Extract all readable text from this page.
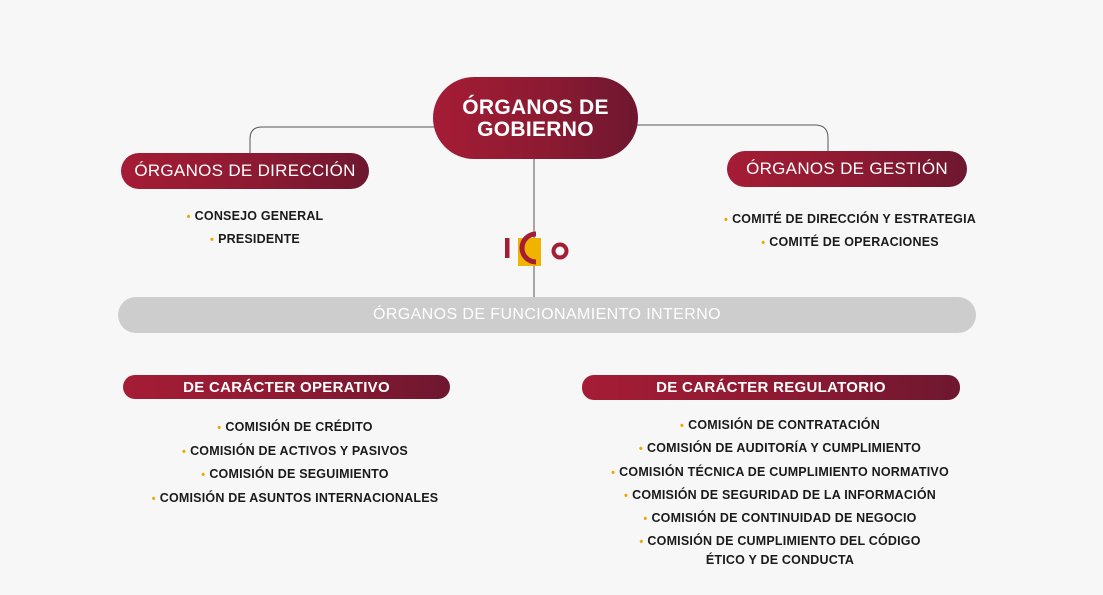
ÓRGANOS DE
GOBIERNO
ÓRGANOS DE DIRECCIÓN
• CONSEJO GENERAL
• PRESIDENTE
ÓRGANOS DE GESTIÓN
• COMITÉ DE DIRECCIÓN Y ESTRATEGIA
• COMITÉ DE OPERACIONES
ÓRGANOS DE FUNCIONAMIENTO INTERNO
DE CARÁCTER OPERATIVO
• COMISIÓN DE CRÉDITO
• COMISIÓN DE ACTIVOS Y PASIVOS
• COMISIÓN DE SEGUIMIENTO
• COMISIÓN DE ASUNTOS INTERNACIONALES
DE CARÁCTER REGULATORIO
• COMISIÓN DE CONTRATACIÓN
• COMISIÓN DE AUDITORÍA Y CUMPLIMIENTO
• COMISIÓN TÉCNICA DE CUMPLIMIENTO NORMATIVO
• COMISIÓN DE SEGURIDAD DE LA INFORMACIÓN
• COMISIÓN DE CONTINUIDAD DE NEGOCIO
• COMISIÓN DE CUMPLIMIENTO DEL CÓDIGO
ÉTICO Y DE CONDUCTA
